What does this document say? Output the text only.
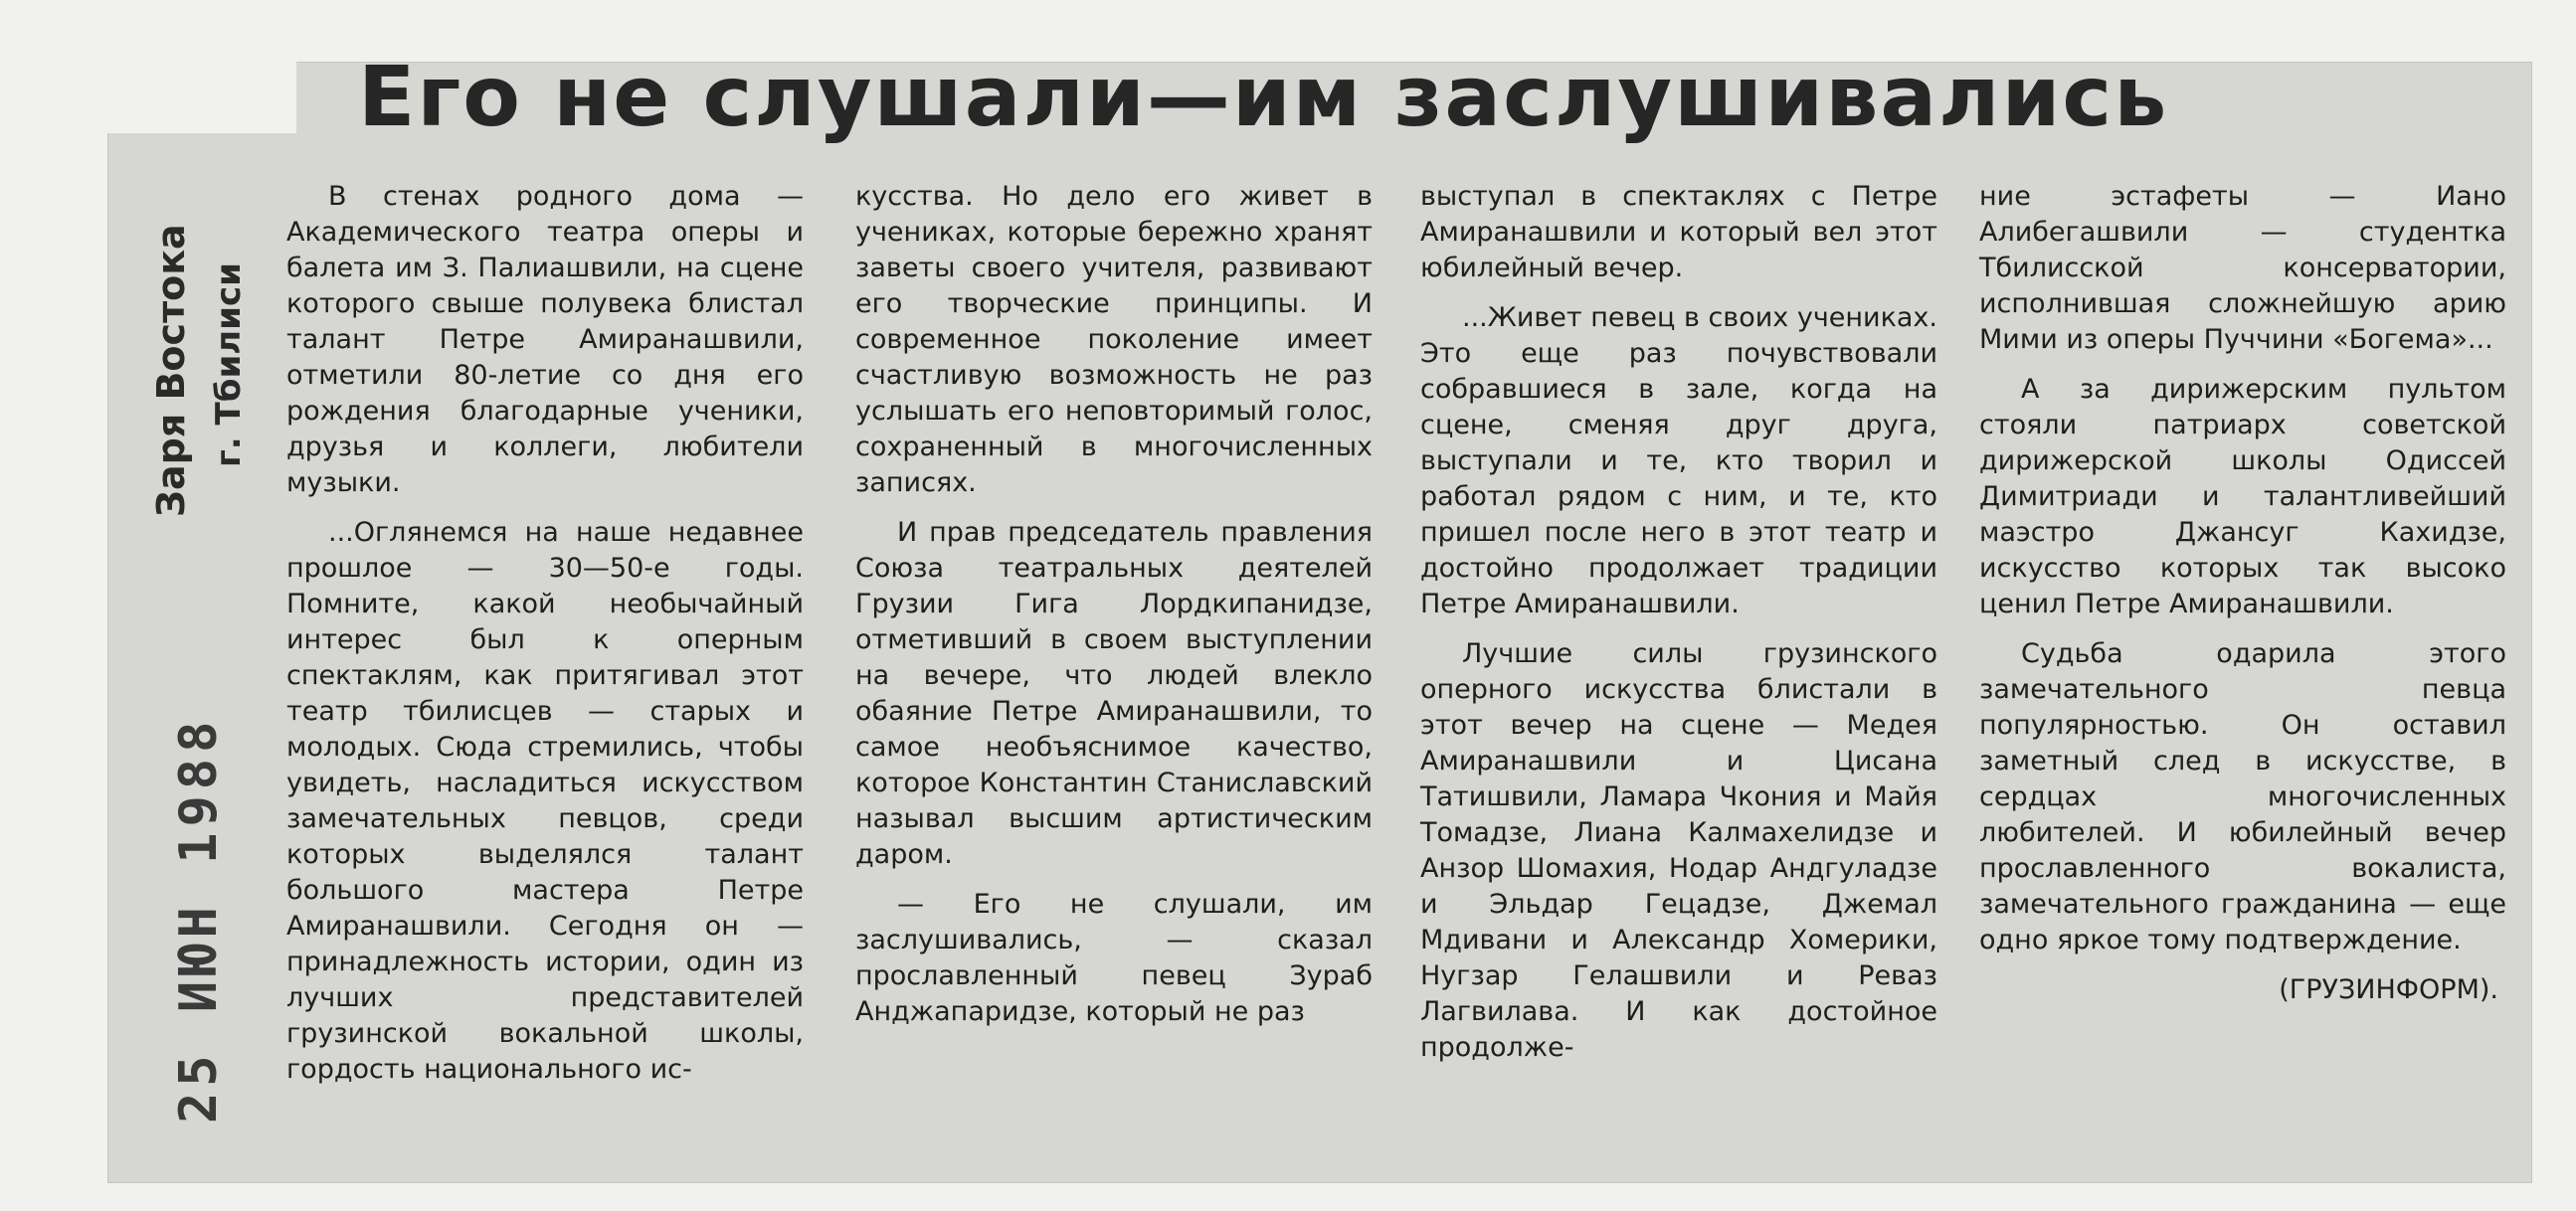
Его не слушали—им заслушивались
Заря Востока г. Тбилиси
25 ИЮН 1988

В стенах родного дома — Академического театра оперы и балета им З. Палиашвили, на сцене которого свыше полувека блистал талант Петре Амиранашвили, отметили 80-летие со дня его рождения благодарные ученики, друзья и коллеги, любители музыки.

...Оглянемся на наше недавнее прошлое — 30—50-е годы. Помните, какой необычайный интерес был к оперным спектаклям, как притягивал этот театр тбилисцев — старых и молодых. Сюда стремились, чтобы увидеть, насладиться искусством замечательных певцов, среди которых выделялся талант большого мастера Петре Амиранашвили. Сегодня он — принадлежность истории, один из лучших представителей грузинской вокальной школы, гордость национального ис-

кусства. Но дело его живет в учениках, которые бережно хранят заветы своего учителя, развивают его творческие принципы. И современное поколение имеет счастливую возможность не раз услышать его неповторимый голос, сохраненный в многочисленных записях.

И прав председатель правления Союза театральных деятелей Грузии Гига Лордкипанидзе, отметивший в своем выступлении на вечере, что людей влекло обаяние Петре Амиранашвили, то самое необъяснимое качество, которое Константин Станиславский называл высшим артистическим даром.

— Его не слушали, им заслушивались, — сказал прославленный певец Зураб Анджапаридзе, который не раз

выступал в спектаклях с Петре Амиранашвили и который вел этот юбилейный вечер.

...Живет певец в своих учениках. Это еще раз почувствовали собравшиеся в зале, когда на сцене, сменяя друг друга, выступали и те, кто творил и работал рядом с ним, и те, кто пришел после него в этот театр и достойно продолжает традиции Петре Амиранашвили.

Лучшие силы грузинского оперного искусства блистали в этот вечер на сцене — Медея Амиранашвили и Цисана Татишвили, Ламара Чкония и Майя Томадзе, Лиана Калмахелидзе и Анзор Шомахия, Нодар Андгуладзе и Эльдар Гецадзе, Джемал Мдивани и Александр Хомерики, Нугзар Гелашвили и Реваз Лагвилава. И как достойное продолже-

ние эстафеты — Иано Алибегашвили — студентка Тбилисской консерватории, исполнившая сложнейшую арию Мими из оперы Пуччини «Богема»...

А за дирижерским пультом стояли патриарх советской дирижерской школы Одиссей Димитриади и талантливейший маэстро Джансуг Кахидзе, искусство которых так высоко ценил Петре Амиранашвили.

Судьба одарила этого замечательного певца популярностью. Он оставил заметный след в искусстве, в сердцах многочисленных любителей. И юбилейный вечер прославленного вокалиста, замечательного гражданина — еще одно яркое тому подтверждение.

(ГРУЗИНФОРМ).
